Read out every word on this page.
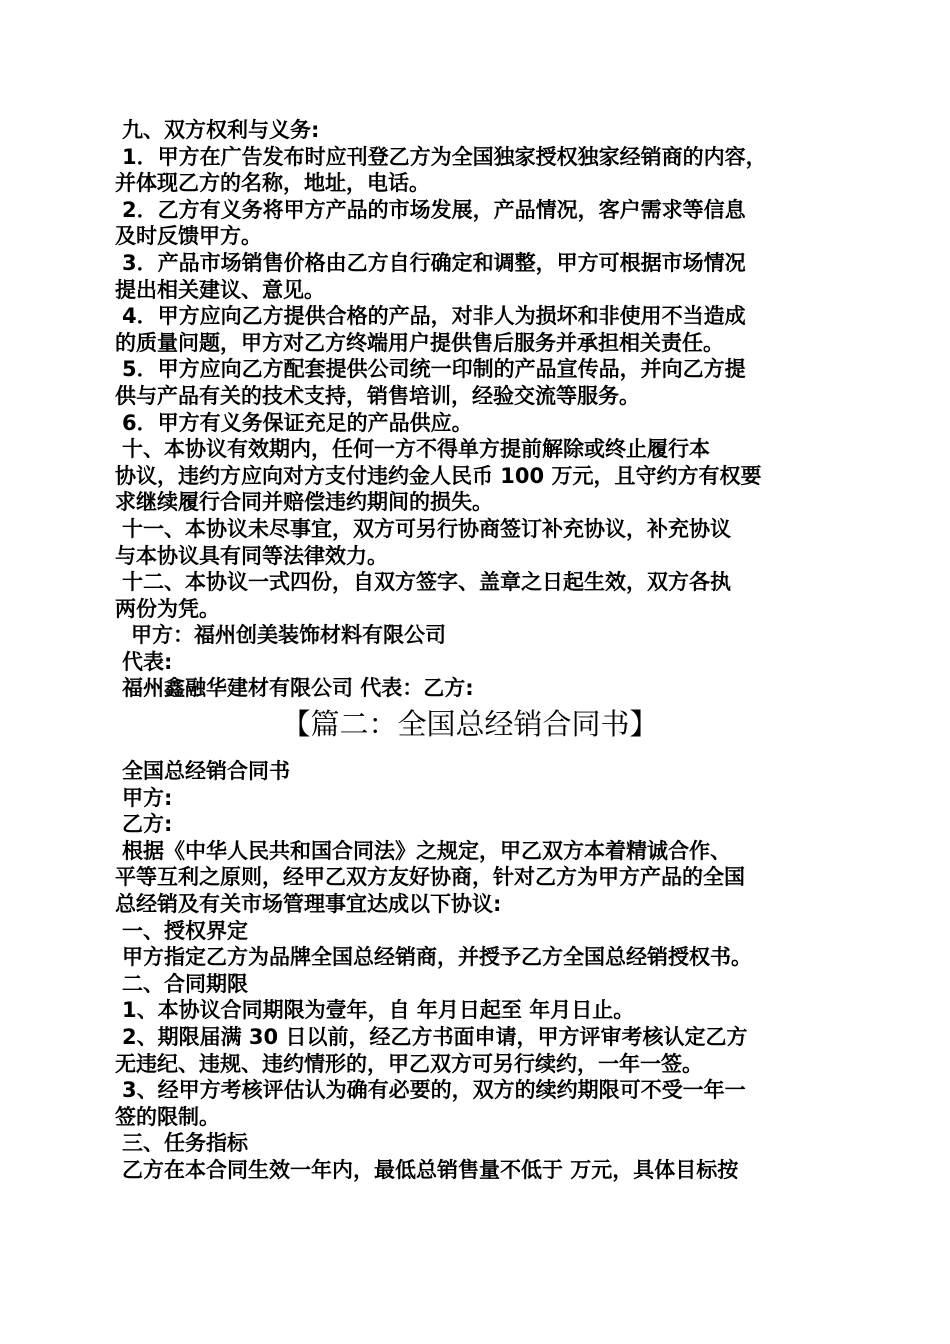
九、双方权利与义务:
1．甲方在广告发布时应刊登乙方为全国独家授权独家经销商的内容，
并体现乙方的名称，地址，电话。
2．乙方有义务将甲方产品的市场发展，产品情况，客户需求等信息
及时反馈甲方。
3．产品市场销售价格由乙方自行确定和调整，甲方可根据市场情况
提出相关建议、意见。
4．甲方应向乙方提供合格的产品，对非人为损坏和非使用不当造成
的质量问题，甲方对乙方终端用户提供售后服务并承担相关责任。
5．甲方应向乙方配套提供公司统一印制的产品宣传品，并向乙方提
供与产品有关的技术支持，销售培训，经验交流等服务。
6．甲方有义务保证充足的产品供应。
十、本协议有效期内，任何一方不得单方提前解除或终止履行本
协议，违约方应向对方支付违约金人民币 100 万元，且守约方有权要
求继续履行合同并赔偿违约期间的损失。
十一、本协议未尽事宜，双方可另行协商签订补充协议，补充协议
与本协议具有同等法律效力。
十二、本协议一式四份，自双方签字、盖章之日起生效，双方各执
两份为凭。
甲方：福州创美装饰材料有限公司
代表:
福州鑫融华建材有限公司 代表：乙方:
【篇二：全国总经销合同书】
全国总经销合同书
甲方:
乙方:
根据《中华人民共和国合同法》之规定，甲乙双方本着精诚合作、
平等互利之原则，经甲乙双方友好协商，针对乙方为甲方产品的全国
总经销及有关市场管理事宜达成以下协议:
一、授权界定
甲方指定乙方为品牌全国总经销商，并授予乙方全国总经销授权书。
二、合同期限
1、本协议合同期限为壹年，自 年月日起至 年月日止。
2、期限届满 30 日以前，经乙方书面申请，甲方评审考核认定乙方
无违纪、违规、违约情形的，甲乙双方可另行续约，一年一签。
3、经甲方考核评估认为确有必要的，双方的续约期限可不受一年一
签的限制。
三、任务指标
乙方在本合同生效一年内，最低总销售量不低于 万元，具体目标按
